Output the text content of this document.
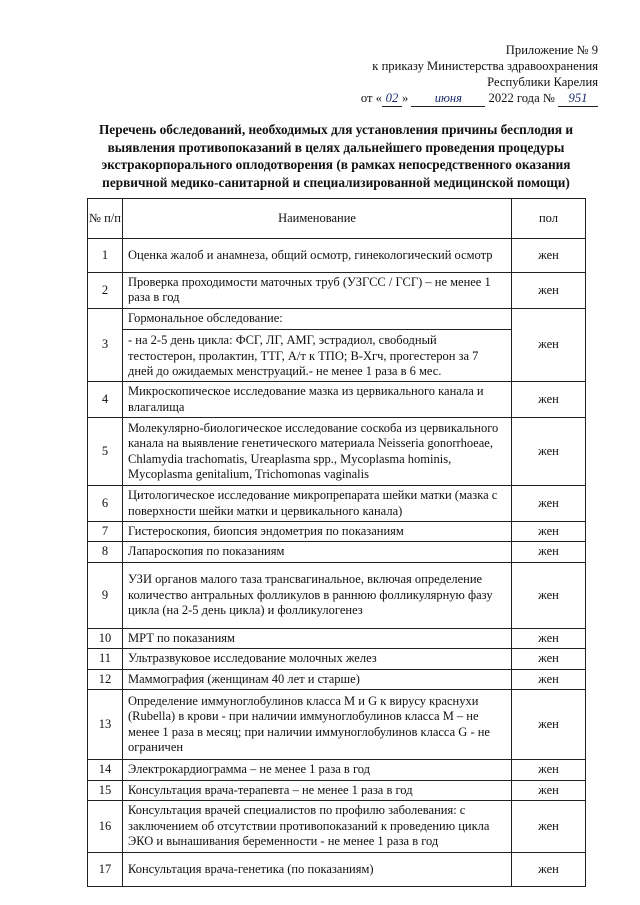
Приложение № 9
к приказу Министерства здравоохранения
Республики Карелия
от « 02 » июня 2022 года № 951
Перечень обследований, необходимых для установления причины бесплодия и выявления противопоказаний в целях дальнейшего проведения процедуры экстракорпорального оплодотворения (в рамках непосредственного оказания первичной медико-санитарной и специализированной медицинской помощи)
№ п/п	Наименование	пол
1	Оценка жалоб и анамнеза, общий осмотр, гинекологический осмотр	жен
2	Проверка проходимости маточных труб (УЗГСС / ГСГ) – не менее 1 раза в год	жен
3	Гормональное обследование:
- на 2-5 день цикла: ФСГ, ЛГ, АМГ, эстрадиол, свободный тестостерон, пролактин, ТТГ, А/т к ТПО; В-Хгч, прогестерон за 7 дней до ожидаемых менструаций.- не менее 1 раза в 6 мес.	жен
4	Микроскопическое исследование мазка из цервикального канала и влагалища	жен
5	Молекулярно-биологическое исследование соскоба из цервикального канала на выявление генетического материала Neisseria gonorrhoeae, Chlamydia trachomatis, Ureaplasma spp., Mycoplasma hominis, Mycoplasma genitalium, Trichomonas vaginalis	жен
6	Цитологическое исследование микропрепарата шейки матки (мазка с поверхности шейки матки и цервикального канала)	жен
7	Гистероскопия, биопсия эндометрия по показаниям	жен
8	Лапароскопия по показаниям	жен
9	УЗИ органов малого таза трансвагинальное, включая определение количество антральных фолликулов в раннюю фолликулярную фазу цикла (на 2-5 день цикла) и фолликулогенез	жен
10	МРТ по показаниям	жен
11	Ультразвуковое исследование молочных желез	жен
12	Маммография (женщинам 40 лет и старше)	жен
13	Определение иммуноглобулинов класса М и G к вирусу краснухи (Rubella) в крови - при наличии иммуноглобулинов класса М – не менее 1 раза в месяц; при наличии иммуноглобулинов класса G - не ограничен	жен
14	Электрокардиограмма – не менее 1 раза в год	жен
15	Консультация врача-терапевта – не менее 1 раза в год	жен
16	Консультация врачей специалистов по профилю заболевания: с заключением об отсутствии противопоказаний к проведению цикла ЭКО и вынашивания беременности - не менее 1 раза в год	жен
17	Консультация врача-генетика (по показаниям)	жен
